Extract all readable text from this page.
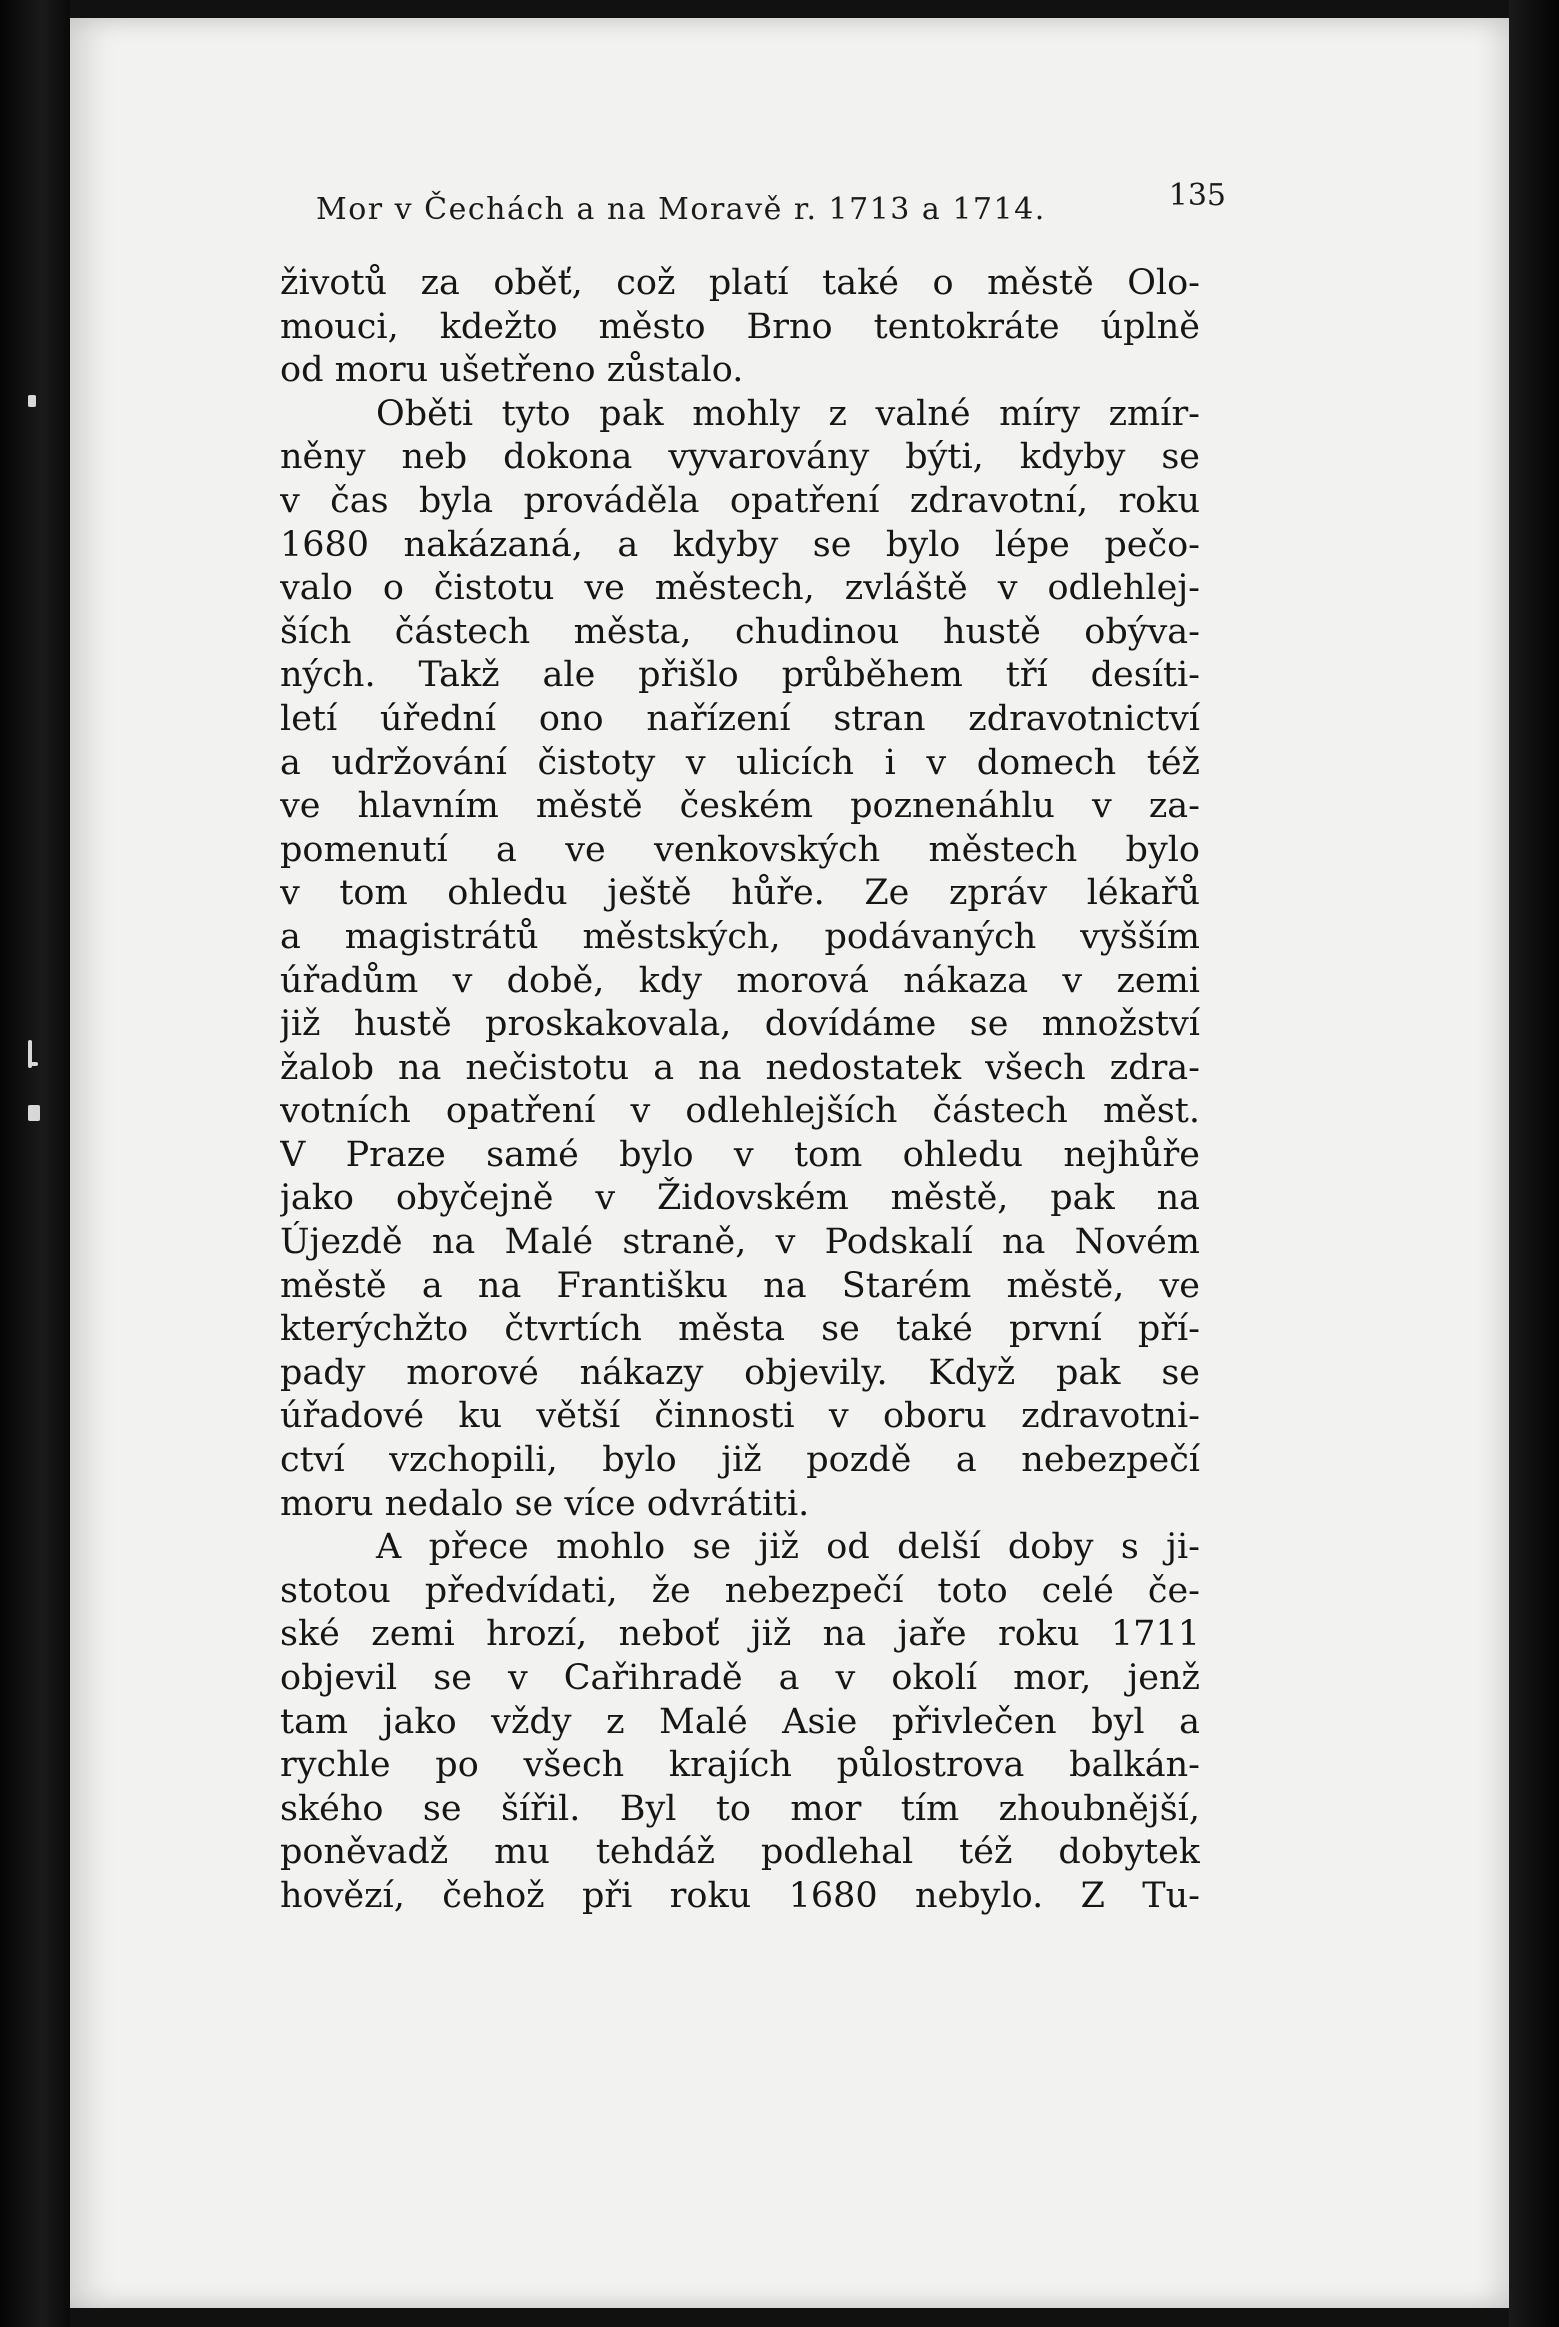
Mor v Čechách a na Moravě r. 1713 a 1714.	135
životů za oběť, což platí také o městě Olo-
mouci, kdežto město Brno tentokráte úplně
od moru ušetřeno zůstalo.
Oběti tyto pak mohly z valné míry zmír-
něny neb dokona vyvarovány býti, kdyby se
v čas byla prováděla opatření zdravotní, roku
1680 nakázaná, a kdyby se bylo lépe pečo-
valo o čistotu ve městech, zvláště v odlehlej-
ších částech města, chudinou hustě obýva-
ných. Takž ale přišlo průběhem tří desíti-
letí úřední ono nařízení stran zdravotnictví
a udržování čistoty v ulicích i v domech též
ve hlavním městě českém poznenáhlu v za-
pomenutí a ve venkovských městech bylo
v tom ohledu ještě hůře. Ze zpráv lékařů
a magistrátů městských, podávaných vyšším
úřadům v době, kdy morová nákaza v zemi
již hustě proskakovala, dovídáme se množství
žalob na nečistotu a na nedostatek všech zdra-
votních opatření v odlehlejších částech měst.
V Praze samé bylo v tom ohledu nejhůře
jako obyčejně v Židovském městě, pak na
Újezdě na Malé straně, v Podskalí na Novém
městě a na Františku na Starém městě, ve
kterýchžto čtvrtích města se také první pří-
pady morové nákazy objevily. Když pak se
úřadové ku větší činnosti v oboru zdravotni-
ctví vzchopili, bylo již pozdě a nebezpečí
moru nedalo se více odvrátiti.
A přece mohlo se již od delší doby s ji-
stotou předvídati, že nebezpečí toto celé če-
ské zemi hrozí, neboť již na jaře roku 1711
objevil se v Cařihradě a v okolí mor, jenž
tam jako vždy z Malé Asie přivlečen byl a
rychle po všech krajích půlostrova balkán-
ského se šířil. Byl to mor tím zhoubnější,
poněvadž mu tehdáž podlehal též dobytek
hovězí, čehož při roku 1680 nebylo. Z Tu-
